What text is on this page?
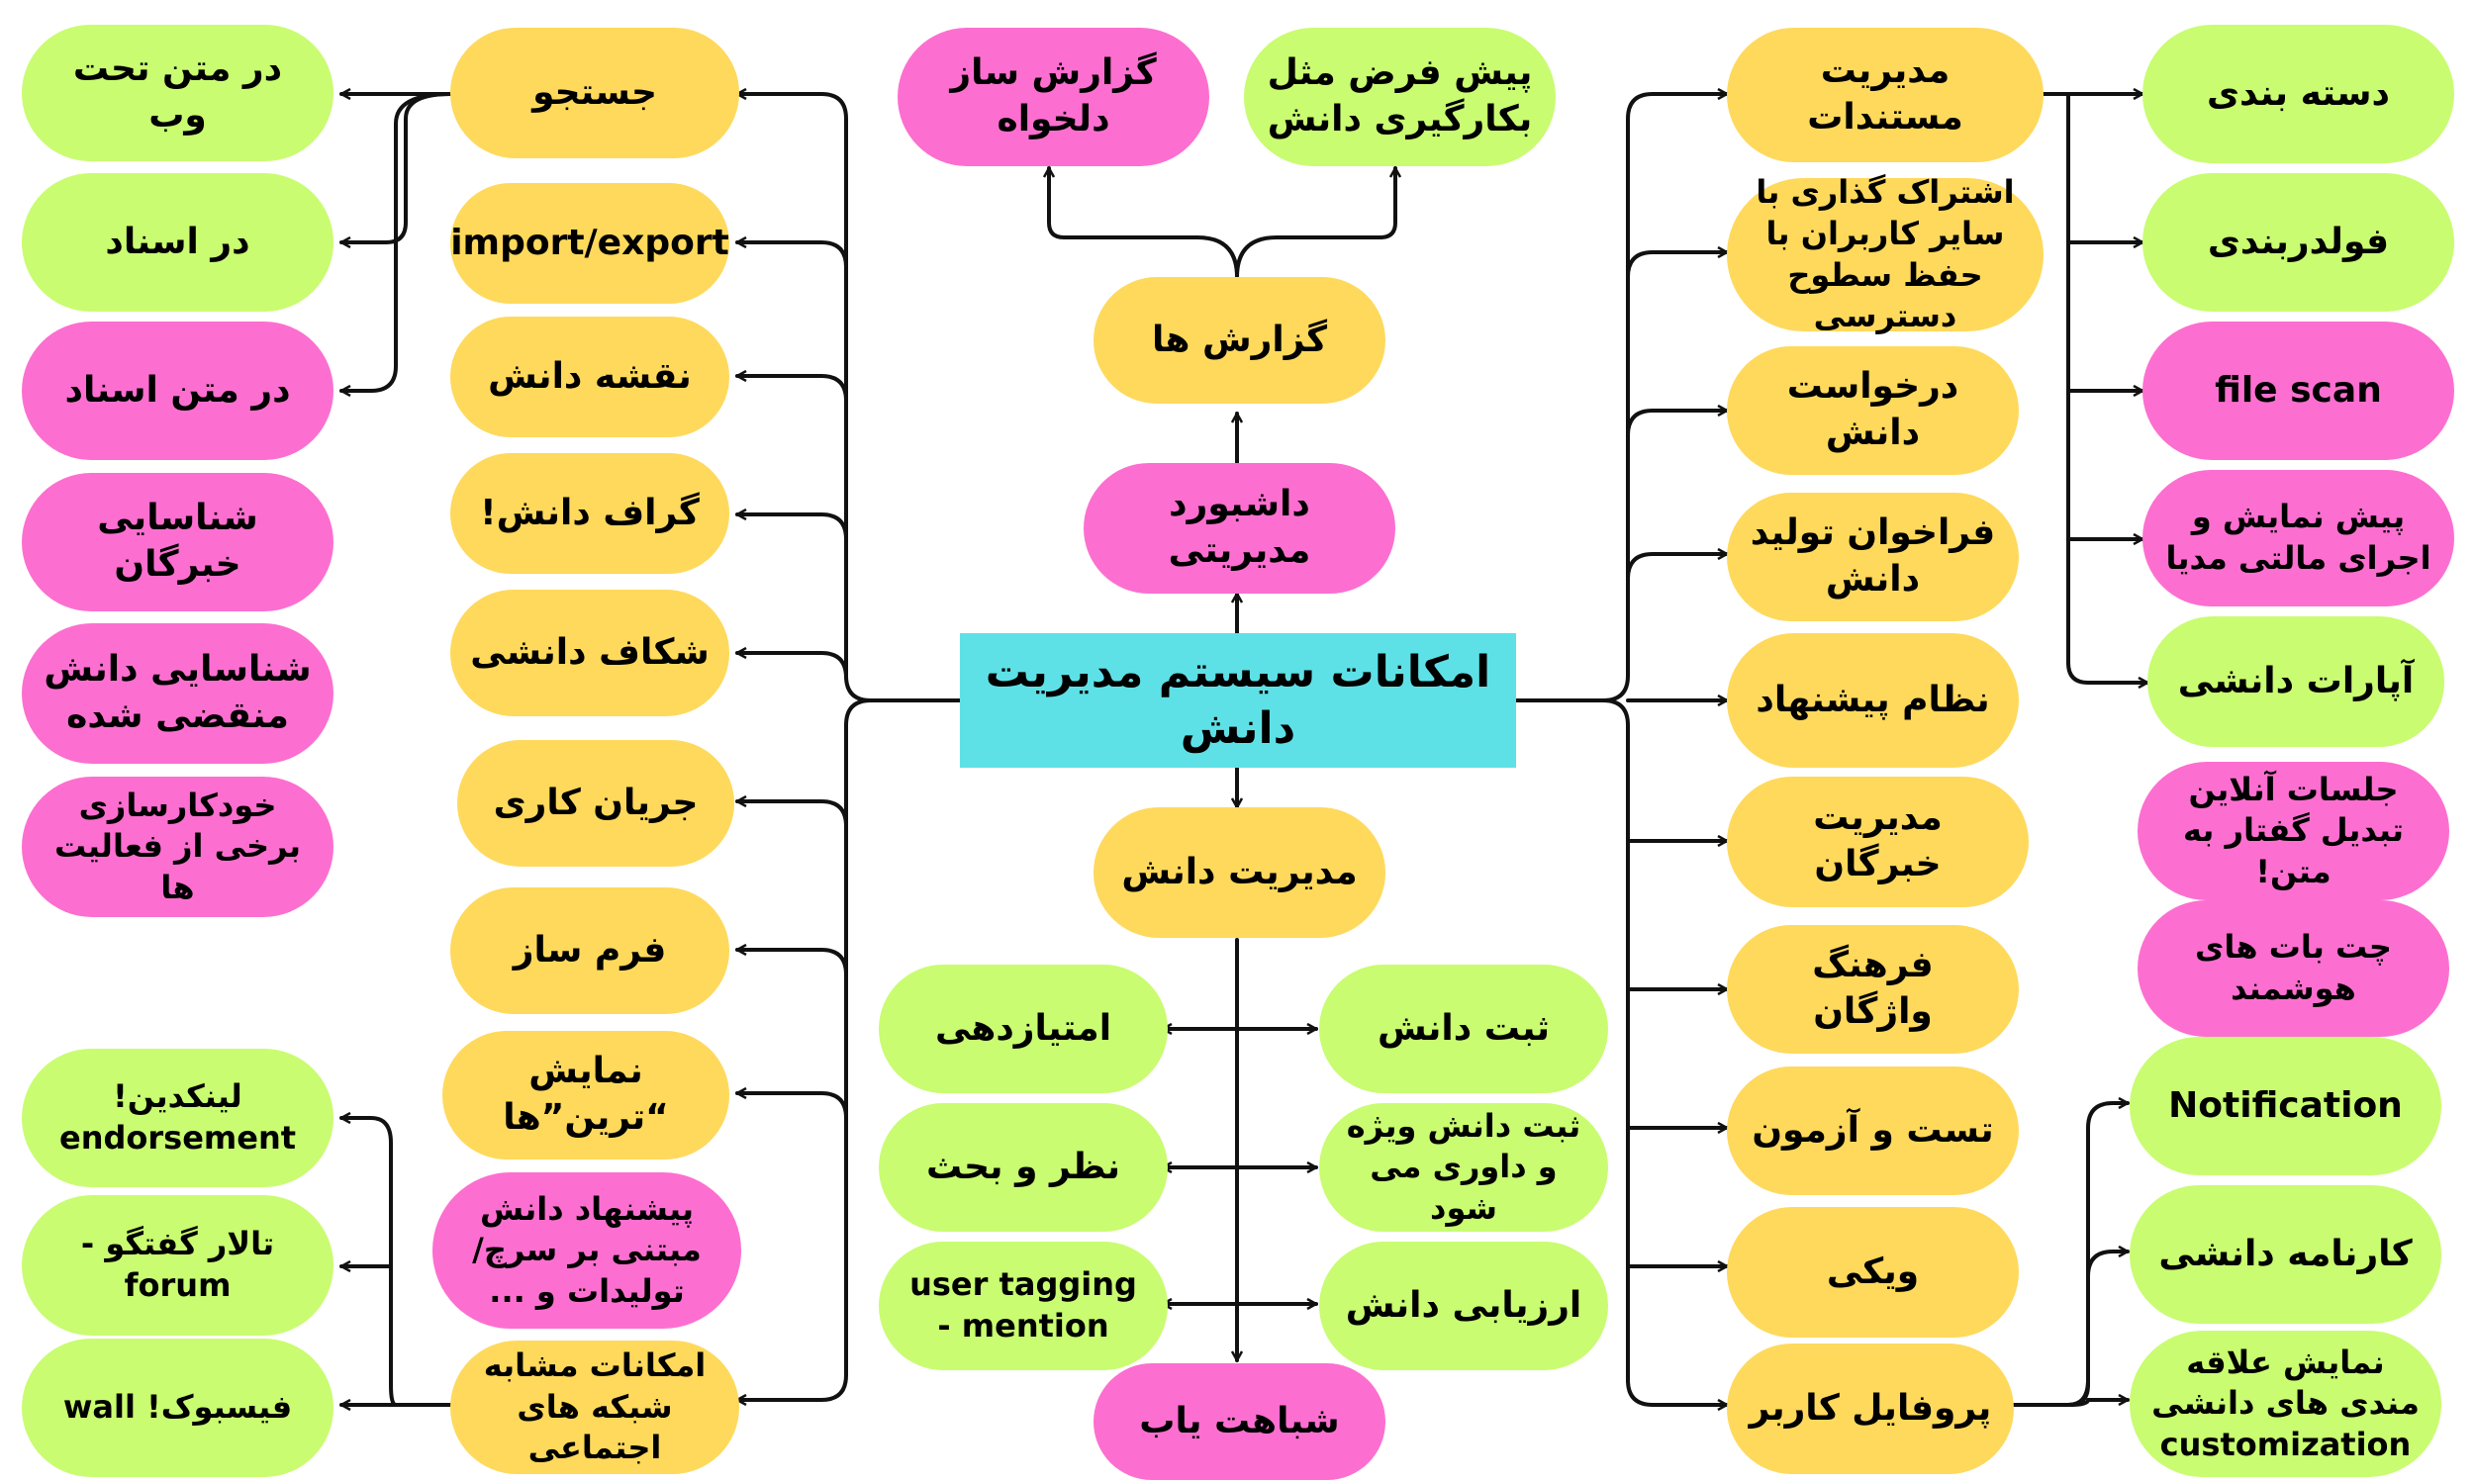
امکانات سیستم مدیریت دانش
داشبورد مدیریتی
گزارش ها
گزارش ساز دلخواه
پیش فرض مثل بکارگیری دانش
مدیریت دانش
امتیازدهی
نظر و بحث
user tagging - mention
ثبت دانش
ثبت دانش ویژه و داوری می شود
ارزیابی دانش
شباهت یاب
جستجو
import/export
نقشه دانش
گراف دانش!
شکاف دانشی
جریان کاری
فرم ساز
نمایش “ترین”ها
پیشنهاد دانش مبتنی بر سرچ/ تولیدات و ...
امکانات مشابه شبکه های اجتماعی
در متن تحت وب
در اسناد
در متن اسناد
شناسایی خبرگان
شناسایی دانش منقضی شده
خودکارسازی برخی از فعالیت ها
لینکدین! endorsement
تالار گفتگو - forum
فیسبوک! wall
مدیریت مستندات
اشتراک گذاری با سایر کاربران با حفظ سطوح دسترسی
درخواست دانش
فراخوان تولید دانش
نظام پیشنهاد
مدیریت خبرگان
فرهنگ واژگان
تست و آزمون
ویکی
پروفایل کاربر
دسته بندی
فولدربندی
file scan
پیش نمایش و اجرای مالتی مدیا
آپارات دانشی
جلسات آنلاین تبدیل گفتار به متن!
چت بات های هوشمند
Notification
کارنامه دانشی
نمایش علاقه مندی های دانشی customization
